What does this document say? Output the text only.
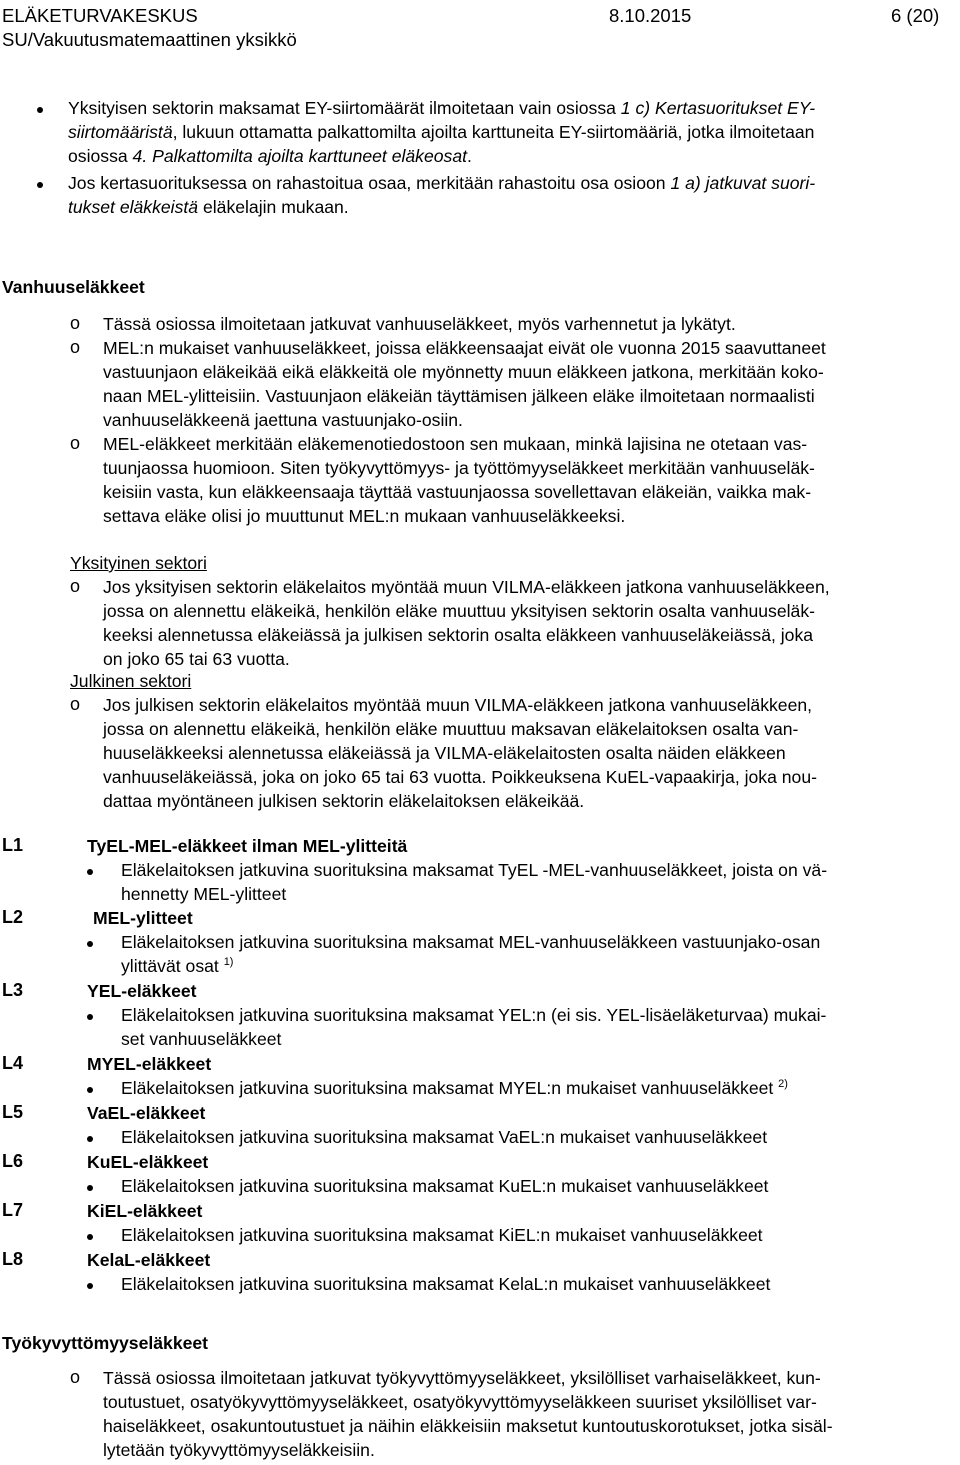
ELÄKETURVAKESKUS	8.10.2015	6 (20)
SU/Vakuutusmatemaattinen yksikkö
Yksityisen sektorin maksamat EY-siirtomäärät ilmoitetaan vain osiossa 1 c) Kertasuoritukset EY-
siirtomääristä, lukuun ottamatta palkattomilta ajoilta karttuneita EY-siirtomääriä, jotka ilmoitetaan
osiossa 4. Palkattomilta ajoilta karttuneet eläkeosat.
Jos kertasuorituksessa on rahastoitua osaa, merkitään rahastoitu osa osioon 1 a) jatkuvat suori-
tukset eläkkeistä eläkelajin mukaan.
Vanhuuseläkkeet
o Tässä osiossa ilmoitetaan jatkuvat vanhuuseläkkeet, myös varhennetut ja lykätyt.
o MEL:n mukaiset vanhuuseläkkeet, joissa eläkkeensaajat eivät ole vuonna 2015 saavuttaneet
vastuunjaon eläkeikää eikä eläkkeitä ole myönnetty muun eläkkeen jatkona, merkitään koko-
naan MEL-ylitteisiin. Vastuunjaon eläkeiän täyttämisen jälkeen eläke ilmoitetaan normaalisti
vanhuuseläkkeenä jaettuna vastuunjako-osiin.
o MEL-eläkkeet merkitään eläkemenotiedostoon sen mukaan, minkä lajisina ne otetaan vas-
tuunjaossa huomioon. Siten työkyvyttömyys- ja työttömyyseläkkeet merkitään vanhuuseläk-
keisiin vasta, kun eläkkeensaaja täyttää vastuunjaossa sovellettavan eläkeiän, vaikka mak-
settava eläke olisi jo muuttunut MEL:n mukaan vanhuuseläkkeeksi.
Yksityinen sektori
o Jos yksityisen sektorin eläkelaitos myöntää muun VILMA-eläkkeen jatkona vanhuuseläkkeen,
jossa on alennettu eläkeikä, henkilön eläke muuttuu yksityisen sektorin osalta vanhuuseläk-
keeksi alennetussa eläkeiässä ja julkisen sektorin osalta eläkkeen vanhuuseläkeiässä, joka
on joko 65 tai 63 vuotta.
Julkinen sektori
o Jos julkisen sektorin eläkelaitos myöntää muun VILMA-eläkkeen jatkona vanhuuseläkkeen,
jossa on alennettu eläkeikä, henkilön eläke muuttuu maksavan eläkelaitoksen osalta van-
huuseläkkeeksi alennetussa eläkeiässä ja VILMA-eläkelaitosten osalta näiden eläkkeen
vanhuuseläkeiässä, joka on joko 65 tai 63 vuotta. Poikkeuksena KuEL-vapaakirja, joka nou-
dattaa myöntäneen julkisen sektorin eläkelaitoksen eläkeikää.
L1	TyEL-MEL-eläkkeet ilman MEL-ylitteitä
Eläkelaitoksen jatkuvina suorituksina maksamat TyEL -MEL-vanhuuseläkkeet, joista on vä-
hennetty MEL-ylitteet
L2	MEL-ylitteet
Eläkelaitoksen jatkuvina suorituksina maksamat MEL-vanhuuseläkkeen vastuunjako-osan
ylittävät osat $^{1)}$
L3	YEL-eläkkeet
Eläkelaitoksen jatkuvina suorituksina maksamat YEL:n (ei sis. YEL-lisäeläketurvaa) mukai-
set vanhuuseläkkeet
L4	MYEL-eläkkeet
Eläkelaitoksen jatkuvina suorituksina maksamat MYEL:n mukaiset vanhuuseläkkeet $^{2)}$
L5	VaEL-eläkkeet
Eläkelaitoksen jatkuvina suorituksina maksamat VaEL:n mukaiset vanhuuseläkkeet
L6	KuEL-eläkkeet
Eläkelaitoksen jatkuvina suorituksina maksamat KuEL:n mukaiset vanhuuseläkkeet
L7	KiEL-eläkkeet
Eläkelaitoksen jatkuvina suorituksina maksamat KiEL:n mukaiset vanhuuseläkkeet
L8	KelaL-eläkkeet
Eläkelaitoksen jatkuvina suorituksina maksamat KelaL:n mukaiset vanhuuseläkkeet
Työkyvyttömyyseläkkeet
o Tässä osiossa ilmoitetaan jatkuvat työkyvyttömyyseläkkeet, yksilölliset varhaiseläkkeet, kun-
toutustuet, osatyökyvyttömyyseläkkeet, osatyökyvyttömyyseläkkeen suuriset yksilölliset var-
haiseläkkeet, osakuntoutustuet ja näihin eläkkeisiin maksetut kuntoutuskorotukset, jotka sisäl-
lytetään työkyvyttömyyseläkkeisiin.
